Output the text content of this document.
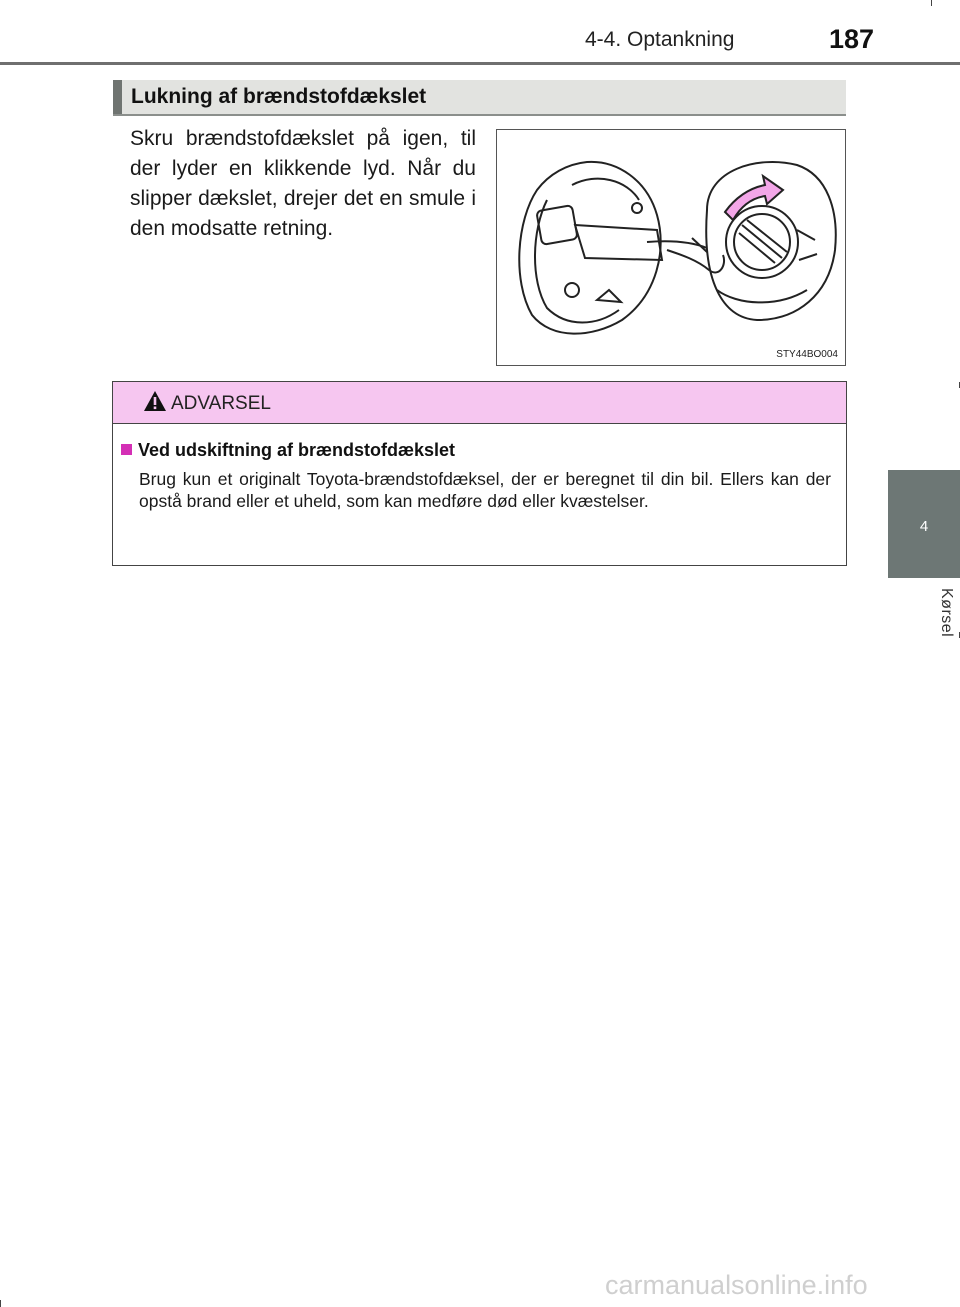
4-4. Optankning	187
4
Kørsel
Lukning af brændstofdækslet
Skru brændstofdækslet på igen, til der lyder en klikkende lyd. Når du slipper dækslet, drejer det en smule i den modsatte retning.
STY44BO004
ADVARSEL
Ved udskiftning af brændstofdækslet
Brug kun et originalt Toyota-brændstofdæksel, der er beregnet til din bil. Ellers kan der opstå brand eller et uheld, som kan medføre død eller kvæstelser.
carmanualsonline.info
